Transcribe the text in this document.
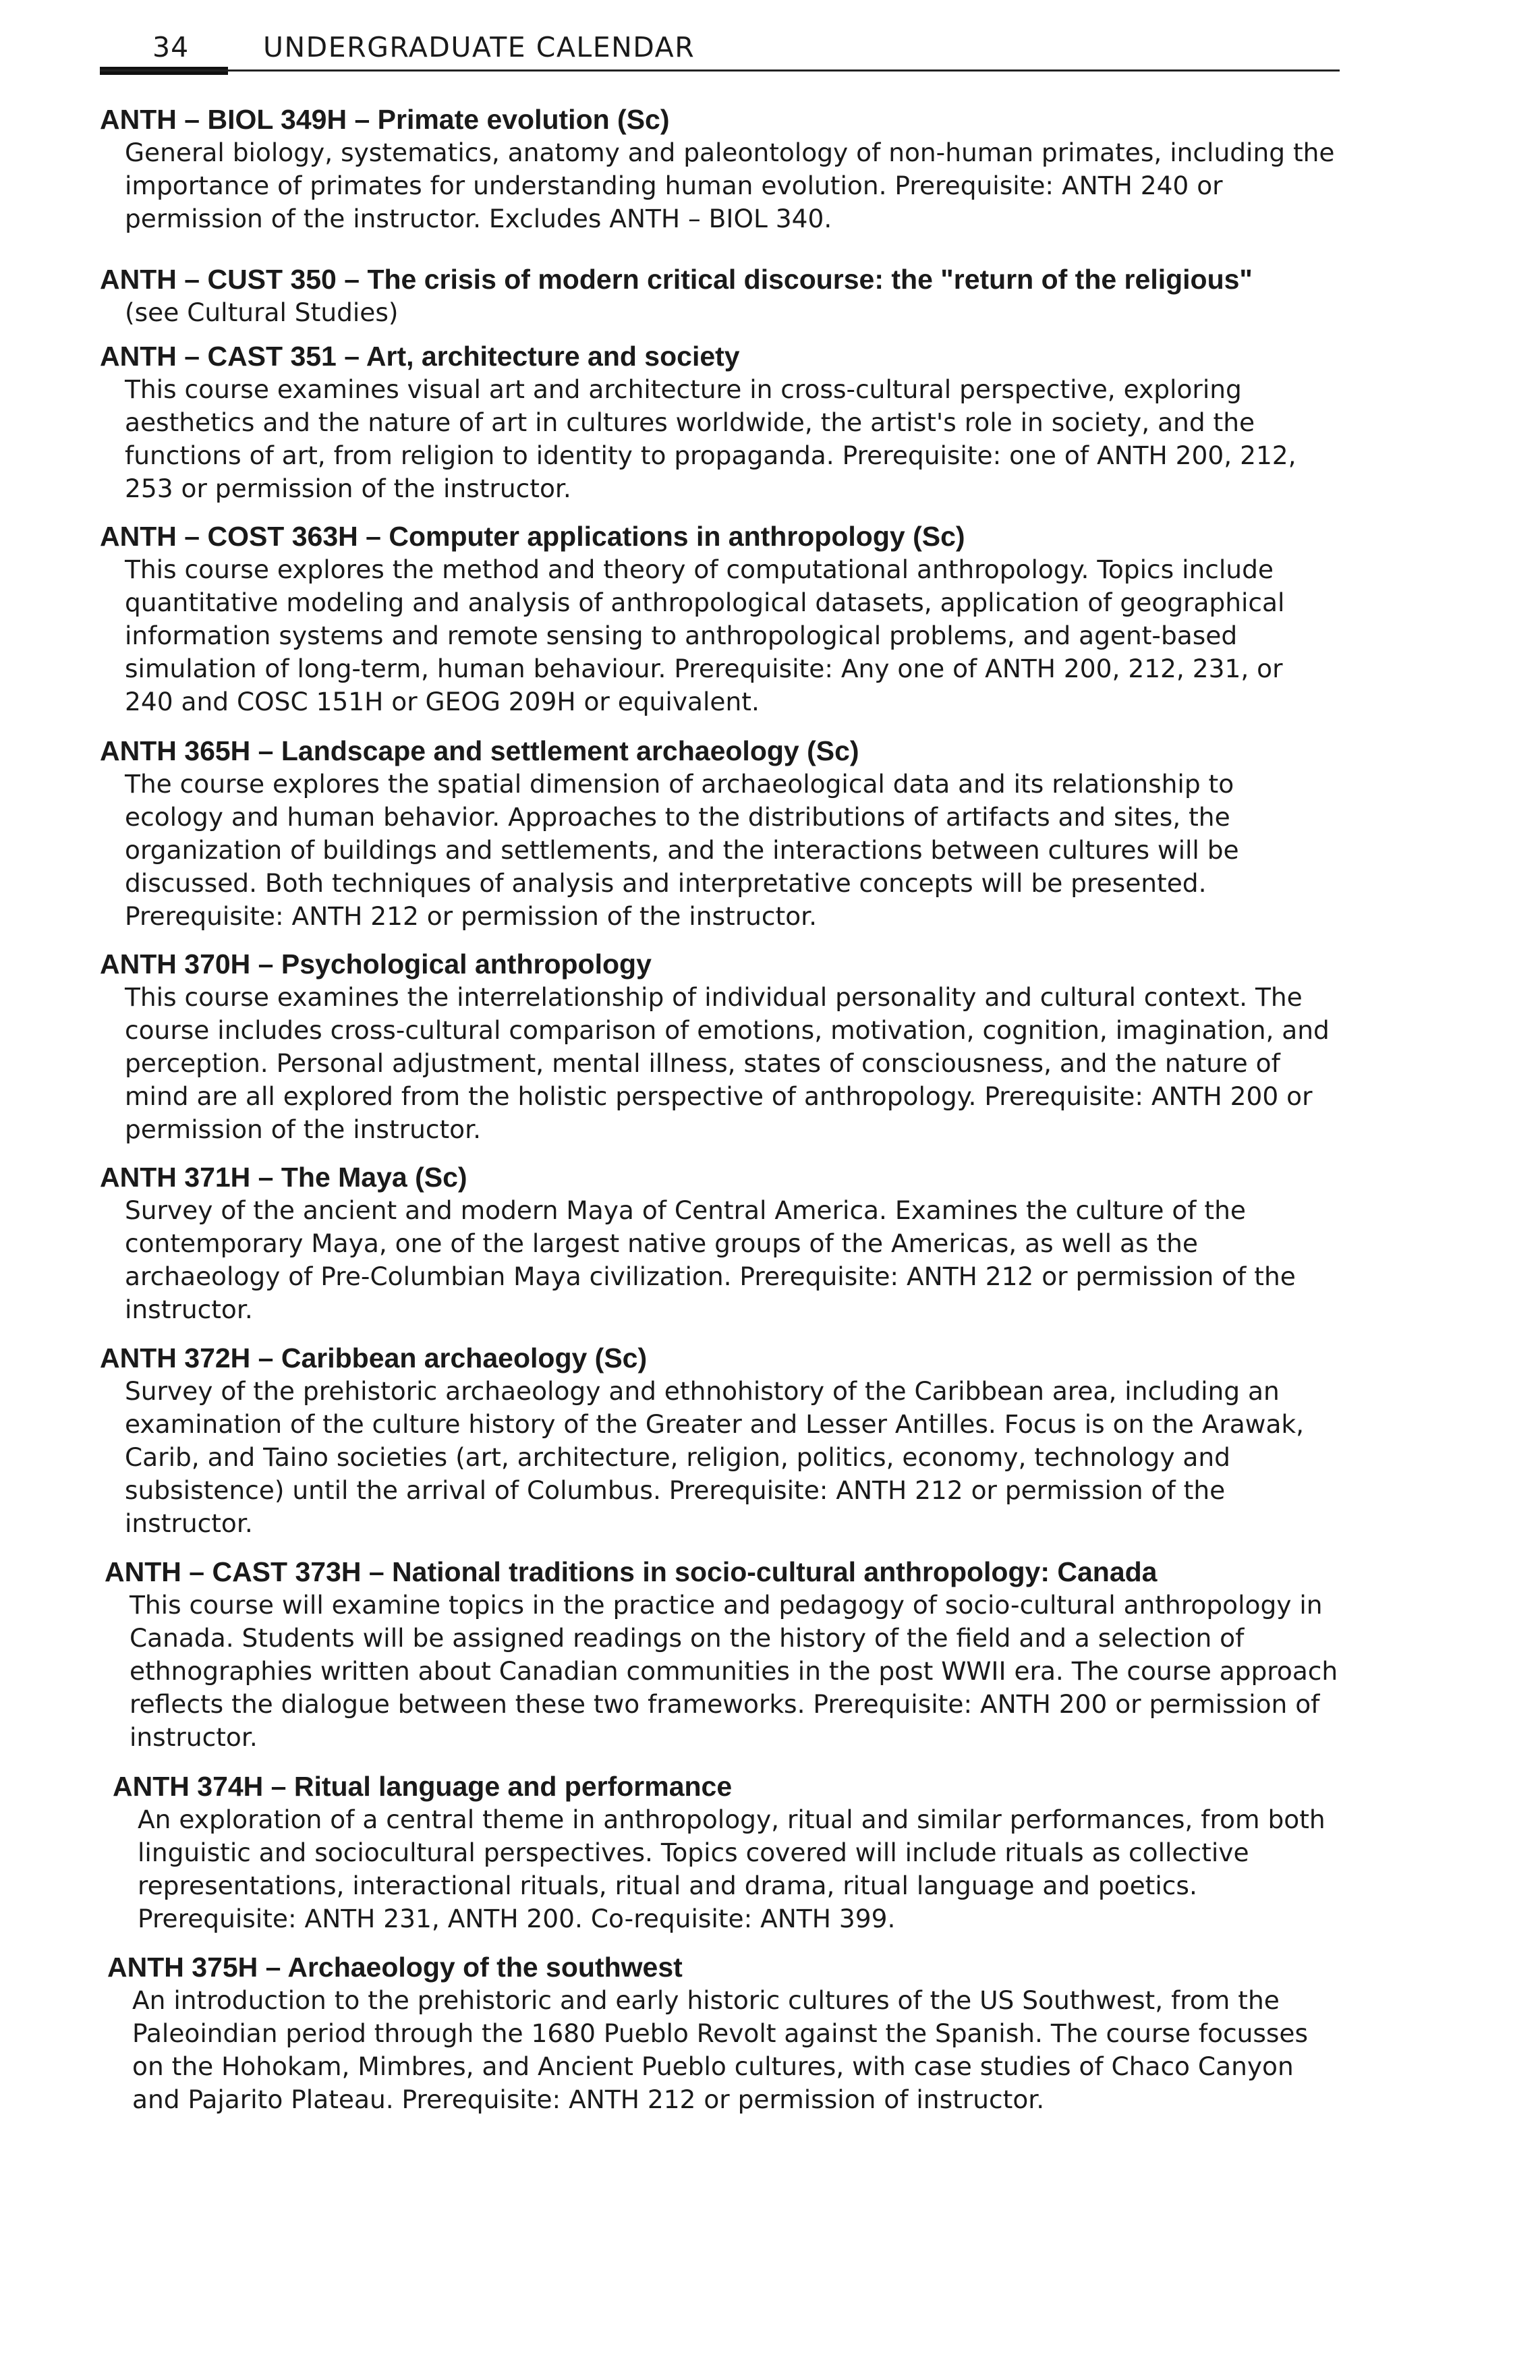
34	UNDERGRADUATE CALENDAR
ANTH – BIOL 349H – Primate evolution (Sc)

General biology, systematics, anatomy and paleontology of non-human primates, including the importance of primates for understanding human evolution. Prerequisite: ANTH 240 or permission of the instructor. Excludes ANTH – BIOL 340.

ANTH – CUST 350 – The crisis of modern critical discourse: the "return of the religious"

(see Cultural Studies)

ANTH – CAST 351 – Art, architecture and society

This course examines visual art and architecture in cross-cultural perspective, exploring aesthetics and the nature of art in cultures worldwide, the artist's role in society, and the functions of art, from religion to identity to propaganda. Prerequisite: one of ANTH 200, 212, 253 or permission of the instructor.

ANTH – COST 363H – Computer applications in anthropology (Sc)

This course explores the method and theory of computational anthropology. Topics include quantitative modeling and analysis of anthropological datasets, application of geographical information systems and remote sensing to anthropological problems, and agent-based simulation of long-term, human behaviour. Prerequisite: Any one of ANTH 200, 212, 231, or 240 and COSC 151H or GEOG 209H or equivalent.

ANTH 365H – Landscape and settlement archaeology (Sc)

The course explores the spatial dimension of archaeological data and its relationship to ecology and human behavior. Approaches to the distributions of artifacts and sites, the organization of buildings and settlements, and the interactions between cultures will be discussed. Both techniques of analysis and interpretative concepts will be presented. Prerequisite: ANTH 212 or permission of the instructor.

ANTH 370H – Psychological anthropology

This course examines the interrelationship of individual personality and cultural context. The course includes cross-cultural comparison of emotions, motivation, cognition, imagination, and perception. Personal adjustment, mental illness, states of consciousness, and the nature of mind are all explored from the holistic perspective of anthropology. Prerequisite: ANTH 200 or permission of the instructor.

ANTH 371H – The Maya (Sc)

Survey of the ancient and modern Maya of Central America. Examines the culture of the contemporary Maya, one of the largest native groups of the Americas, as well as the archaeology of Pre-Columbian Maya civilization. Prerequisite: ANTH 212 or permission of the instructor.

ANTH 372H – Caribbean archaeology (Sc)

Survey of the prehistoric archaeology and ethnohistory of the Caribbean area, including an examination of the culture history of the Greater and Lesser Antilles. Focus is on the Arawak, Carib, and Taino societies (art, architecture, religion, politics, economy, technology and subsistence) until the arrival of Columbus. Prerequisite: ANTH 212 or permission of the instructor.

ANTH – CAST 373H – National traditions in socio-cultural anthropology: Canada

This course will examine topics in the practice and pedagogy of socio-cultural anthropology in Canada. Students will be assigned readings on the history of the field and a selection of ethnographies written about Canadian communities in the post WWII era. The course approach reflects the dialogue between these two frameworks. Prerequisite: ANTH 200 or permission of instructor.

ANTH 374H – Ritual language and performance

An exploration of a central theme in anthropology, ritual and similar performances, from both linguistic and sociocultural perspectives. Topics covered will include rituals as collective representations, interactional rituals, ritual and drama, ritual language and poetics. Prerequisite: ANTH 231, ANTH 200. Co-requisite: ANTH 399.

ANTH 375H – Archaeology of the southwest

An introduction to the prehistoric and early historic cultures of the US Southwest, from the Paleoindian period through the 1680 Pueblo Revolt against the Spanish. The course focusses on the Hohokam, Mimbres, and Ancient Pueblo cultures, with case studies of Chaco Canyon and Pajarito Plateau. Prerequisite: ANTH 212 or permission of instructor.
